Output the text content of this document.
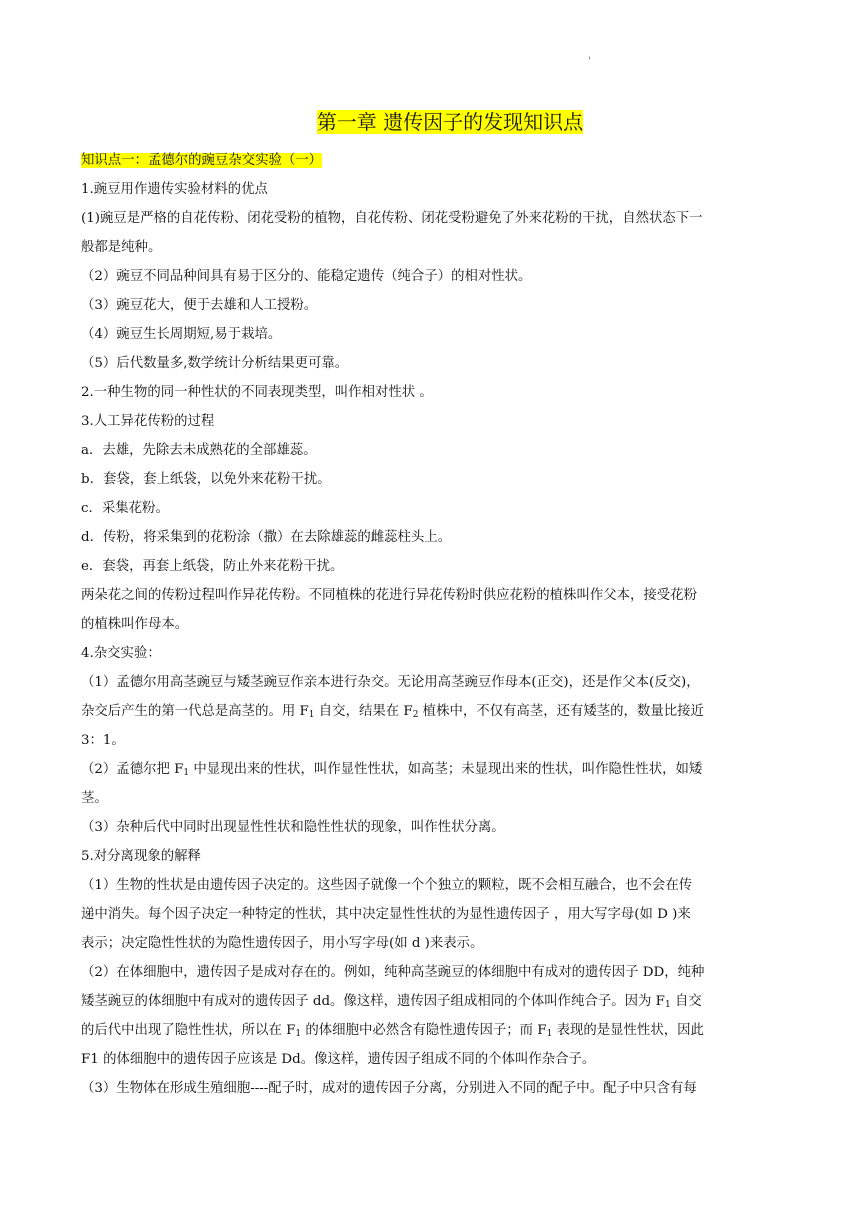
'
第一章 遗传因子的发现知识点

知识点一：孟德尔的豌豆杂交实验（一）

1.豌豆用作遗传实验材料的优点

(1)豌豆是严格的自花传粉、闭花受粉的植物，自花传粉、闭花受粉避免了外来花粉的干扰，自然状态下一

般都是纯种。

（2）豌豆不同品种间具有易于区分的、能稳定遗传（纯合子）的相对性状。

（3）豌豆花大，便于去雄和人工授粉。

（4）豌豆生长周期短,易于栽培。

（5）后代数量多,数学统计分析结果更可靠。

2.一种生物的同一种性状的不同表现类型，叫作相对性状 。

3.人工异花传粉的过程

a．去雄，先除去未成熟花的全部雄蕊。

b．套袋，套上纸袋，以免外来花粉干扰。

c．采集花粉。

d．传粉，将采集到的花粉涂（撒）在去除雄蕊的雌蕊柱头上。

e．套袋，再套上纸袋，防止外来花粉干扰。

两朵花之间的传粉过程叫作异花传粉。不同植株的花进行异花传粉时供应花粉的植株叫作父本，接受花粉

的植株叫作母本。

4.杂交实验：

（1）孟德尔用高茎豌豆与矮茎豌豆作亲本进行杂交。无论用高茎豌豆作母本(正交)，还是作父本(反交)，

杂交后产生的第一代总是高茎的。用 $F_1$ 自交，结果在 $F_2$ 植株中，不仅有高茎，还有矮茎的，数量比接近

3：1。

（2）孟德尔把 $F_1$ 中显现出来的性状，叫作显性性状，如高茎；未显现出来的性状，叫作隐性性状，如矮

茎。

（3）杂种后代中同时出现显性性状和隐性性状的现象，叫作性状分离。

5.对分离现象的解释

（1）生物的性状是由遗传因子决定的。这些因子就像一个个独立的颗粒，既不会相互融合，也不会在传

递中消失。每个因子决定一种特定的性状，其中决定显性性状的为显性遗传因子 ，用大写字母(如 D )来

表示；决定隐性性状的为隐性遗传因子，用小写字母(如 d )来表示。

（2）在体细胞中，遗传因子是成对存在的。例如，纯种高茎豌豆的体细胞中有成对的遗传因子 DD，纯种

矮茎豌豆的体细胞中有成对的遗传因子 dd。像这样，遗传因子组成相同的个体叫作纯合子。因为 $F_1$ 自交

的后代中出现了隐性性状，所以在 $F_1$ 的体细胞中必然含有隐性遗传因子；而 $F_1$ 表现的是显性性状，因此

F1 的体细胞中的遗传因子应该是 Dd。像这样，遗传因子组成不同的个体叫作杂合子。

（3）生物体在形成生殖细胞----配子时，成对的遗传因子分离，分别进入不同的配子中。配子中只含有每
